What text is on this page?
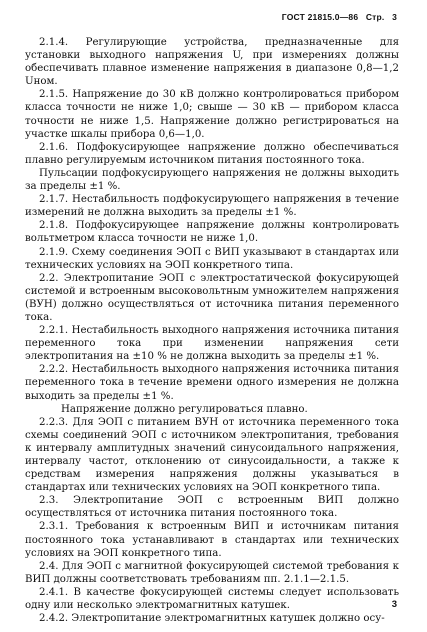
ГОСТ 21815.0—86 Стр. 3

2.1.4. Регулирующие устройства, предназначенные для установки выходного напряжения U, при измерениях должны обеспечивать плавное изменение напряжения в диапазоне 0,8—1,2 Uном.

2.1.5. Напряжение до 30 кВ должно контролироваться прибором класса точности не ниже 1,0; свыше — 30 кВ — прибором класса точности не ниже 1,5. Напряжение должно регистрироваться на участке шкалы прибора 0,6—1,0.

2.1.6. Подфокусирующее напряжение должно обеспечиваться плавно регулируемым источником питания постоянного тока.

Пульсации подфокусирующего напряжения не должны выходить за пределы ±1 %.

2.1.7. Нестабильность подфокусирующего напряжения в течение измерений не должна выходить за пределы ±1 %.

2.1.8. Подфокусирующее напряжение должны контролировать вольтметром класса точности не ниже 1,0.

2.1.9. Схему соединения ЭОП с ВИП указывают в стандартах или технических условиях на ЭОП конкретного типа.

2.2. Электропитание ЭОП с электростатической фокусирующей системой и встроенным высоковольтным умножителем напряжения (ВУН) должно осуществляться от источника питания переменного тока.

2.2.1. Нестабильность выходного напряжения источника питания переменного тока при изменении напряжения сети электропитания на ±10 % не должна выходить за пределы ±1 %.

2.2.2. Нестабильность выходного напряжения источника питания переменного тока в течение времени одного измерения не должна выходить за пределы ±1 %.

Напряжение должно регулироваться плавно.

2.2.3. Для ЭОП с питанием ВУН от источника переменного тока схемы соединений ЭОП с источником электропитания, требования к интервалу амплитудных значений синусоидального напряжения, интервалу частот, отклонению от синусоидальности, а также к средствам измерения напряжения должны указываться в стандартах или технических условиях на ЭОП конкретного типа.

2.3. Электропитание ЭОП с встроенным ВИП должно осуществляться от источника питания постоянного тока.

2.3.1. Требования к встроенным ВИП и источникам питания постоянного тока устанавливают в стандартах или технических условиях на ЭОП конкретного типа.

2.4. Для ЭОП с магнитной фокусирующей системой требования к ВИП должны соответствовать требованиям пп. 2.1.1—2.1.5.

2.4.1. В качестве фокусирующей системы следует использовать одну или несколько электромагнитных катушек.

2.4.2. Электропитание электромагнитных катушек должно осу-

3
